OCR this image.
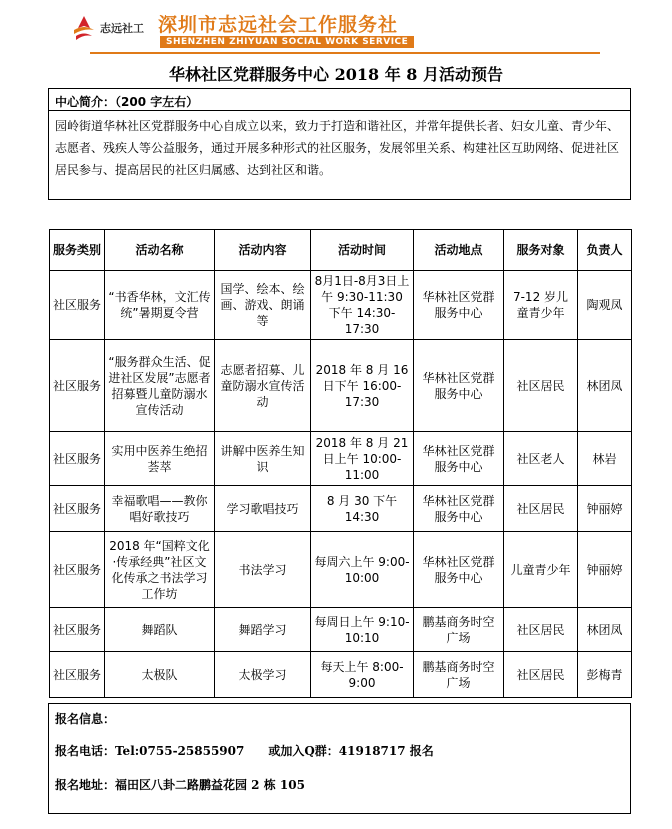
志远社工 深圳市志远社会工作服务社
SHENZHEN ZHIYUAN SOCIAL WORK SERVICE
华林社区党群服务中心 2018 年 8 月活动预告
中心简介：（200 字左右）
园岭街道华林社区党群服务中心自成立以来，致力于打造和谐社区，并常年提供长者、妇女儿童、青少年、志愿者、残疾人等公益服务，通过开展多种形式的社区服务，发展邻里关系、构建社区互助网络、促进社区居民参与、提高居民的社区归属感、达到社区和谐。
服务类别	活动名称	活动内容	活动时间	活动地点	服务对象	负责人
社区服务	“书香华林，文汇传统”暑期夏令营	国学、绘本、绘画、游戏、朗诵等	8月1日-8月3日上午 9:30-11:30 下午 14:30-17:30	华林社区党群服务中心	7-12 岁儿童青少年	陶观凤
社区服务	“服务群众生活、促进社区发展”志愿者招募暨儿童防溺水宣传活动	志愿者招募、儿童防溺水宣传活动	2018 年 8 月 16 日下午 16:00-17:30	华林社区党群服务中心	社区居民	林团凤
社区服务	实用中医养生绝招荟萃	讲解中医养生知识	2018 年 8 月 21 日上午 10:00-11:00	华林社区党群服务中心	社区老人	林岩
社区服务	幸福歌唱——教你唱好歌技巧	学习歌唱技巧	8 月 30 下午 14:30	华林社区党群服务中心	社区居民	钟丽婷
社区服务	2018 年“国粹文化·传承经典”社区文化传承之书法学习工作坊	书法学习	每周六上午 9:00-10:00	华林社区党群服务中心	儿童青少年	钟丽婷
社区服务	舞蹈队	舞蹈学习	每周日上午 9:10-10:10	鹏基商务时空广场	社区居民	林团凤
社区服务	太极队	太极学习	每天上午 8:00-9:00	鹏基商务时空广场	社区居民	彭梅青
报名信息：
报名电话：Tel:0755-25855907　　或加入Q群：41918717 报名
报名地址：福田区八卦二路鹏益花园 2 栋 105
